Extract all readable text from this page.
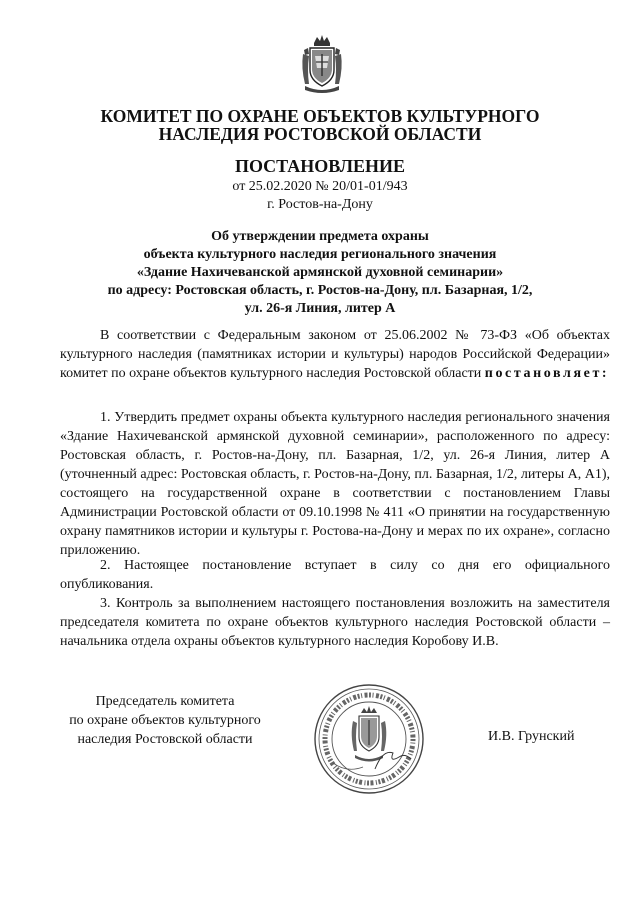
КОМИТЕТ ПО ОХРАНЕ ОБЪЕКТОВ КУЛЬТУРНОГО
НАСЛЕДИЯ РОСТОВСКОЙ ОБЛАСТИ
ПОСТАНОВЛЕНИЕ
от 25.02.2020 № 20/01-01/943
г. Ростов-на-Дону
Об утверждении предмета охраны
объекта культурного наследия регионального значения
«Здание Нахичеванской армянской духовной семинарии»
по адресу: Ростовская область, г. Ростов-на-Дону, пл. Базарная, 1/2,
ул. 26-я Линия, литер А
В соответствии с Федеральным законом от 25.06.2002 № 73-ФЗ «Об объектах культурного наследия (памятниках истории и культуры) народов Российской Федерации» комитет по охране объектов культурного наследия Ростовской области постановляет:
1. Утвердить предмет охраны объекта культурного наследия регионального значения «Здание Нахичеванской армянской духовной семинарии», расположенного по адресу: Ростовская область, г. Ростов-на-Дону, пл. Базарная, 1/2, ул. 26-я Линия, литер А (уточненный адрес: Ростовская область, г. Ростов-на-Дону, пл. Базарная, 1/2, литеры А, А1), состоящего на государственной охране в соответствии с постановлением Главы Администрации Ростовской области от 09.10.1998 № 411 «О принятии на государственную охрану памятников истории и культуры г. Ростова-на-Дону и мерах по их охране», согласно приложению.
2. Настоящее постановление вступает в силу со дня его официального опубликования.
3. Контроль за выполнением настоящего постановления возложить на заместителя председателя комитета по охране объектов культурного наследия Ростовской области – начальника отдела охраны объектов культурного наследия Коробову И.В.
Председатель комитета
по охране объектов культурного
наследия Ростовской области	И.В. Грунский
